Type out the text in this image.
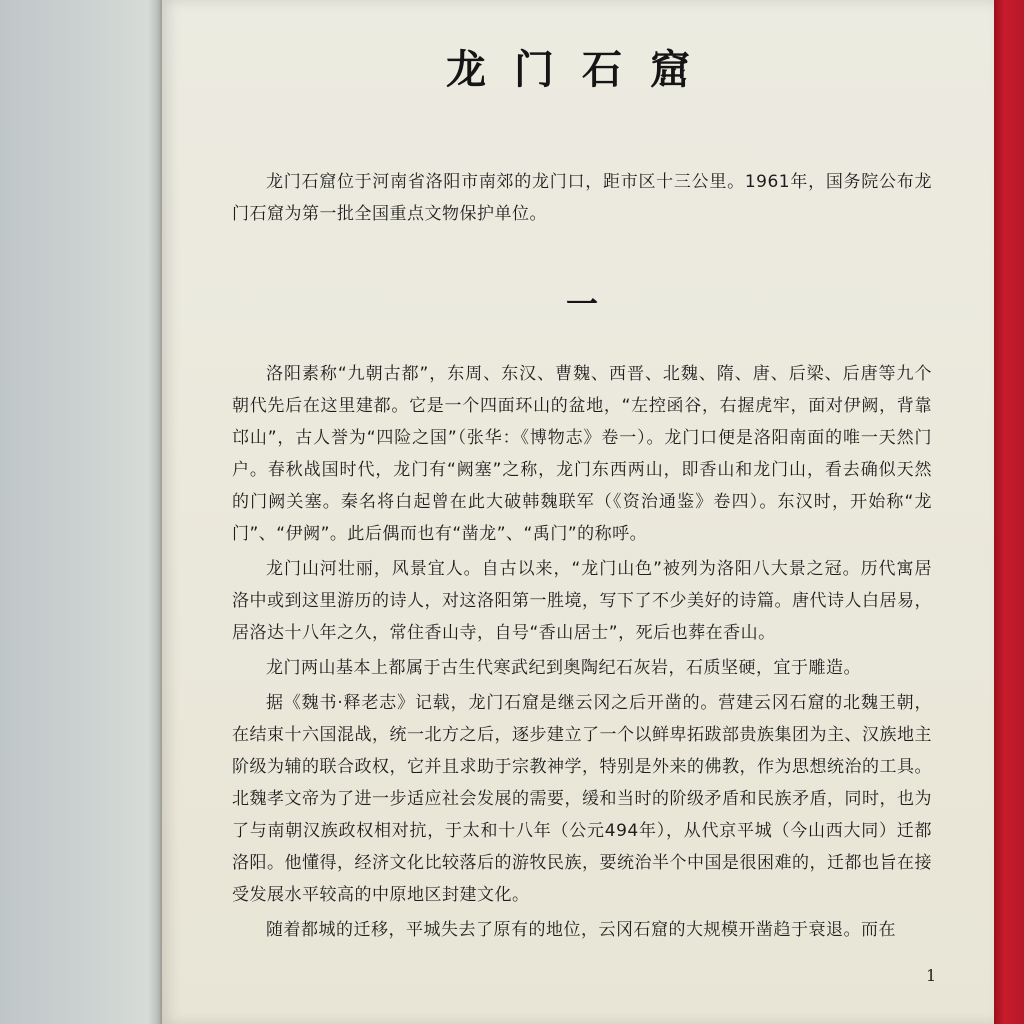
龙门石窟

龙门石窟位于河南省洛阳市南郊的龙门口，距市区十三公里。1961年，国务院公布龙门石窟为第一批全国重点文物保护单位。

一

洛阳素称“九朝古都”，东周、东汉、曹魏、西晋、北魏、隋、唐、后梁、后唐等九个朝代先后在这里建都。它是一个四面环山的盆地，“左控函谷，右握虎牢，面对伊阙，背靠邙山”，古人誉为“四险之国”（张华：《博物志》卷一）。龙门口便是洛阳南面的唯一天然门户。春秋战国时代，龙门有“阙塞”之称，龙门东西两山，即香山和龙门山，看去确似天然的门阙关塞。秦名将白起曾在此大破韩魏联军（《资治通鉴》卷四）。东汉时，开始称“龙门”、“伊阙”。此后偶而也有“凿龙”、“禹门”的称呼。

龙门山河壮丽，风景宜人。自古以来，“龙门山色”被列为洛阳八大景之冠。历代寓居洛中或到这里游历的诗人，对这洛阳第一胜境，写下了不少美好的诗篇。唐代诗人白居易，居洛达十八年之久，常住香山寺，自号“香山居士”，死后也葬在香山。

龙门两山基本上都属于古生代寒武纪到奥陶纪石灰岩，石质坚硬，宜于雕造。

据《魏书·释老志》记载，龙门石窟是继云冈之后开凿的。营建云冈石窟的北魏王朝，在结束十六国混战，统一北方之后，逐步建立了一个以鲜卑拓跋部贵族集团为主、汉族地主阶级为辅的联合政权，它并且求助于宗教神学，特别是外来的佛教，作为思想统治的工具。北魏孝文帝为了进一步适应社会发展的需要，缓和当时的阶级矛盾和民族矛盾，同时，也为了与南朝汉族政权相对抗，于太和十八年（公元494年），从代京平城（今山西大同）迁都洛阳。他懂得，经济文化比较落后的游牧民族，要统治半个中国是很困难的，迁都也旨在接受发展水平较高的中原地区封建文化。

随着都城的迁移，平城失去了原有的地位，云冈石窟的大规模开凿趋于衰退。而在

1
